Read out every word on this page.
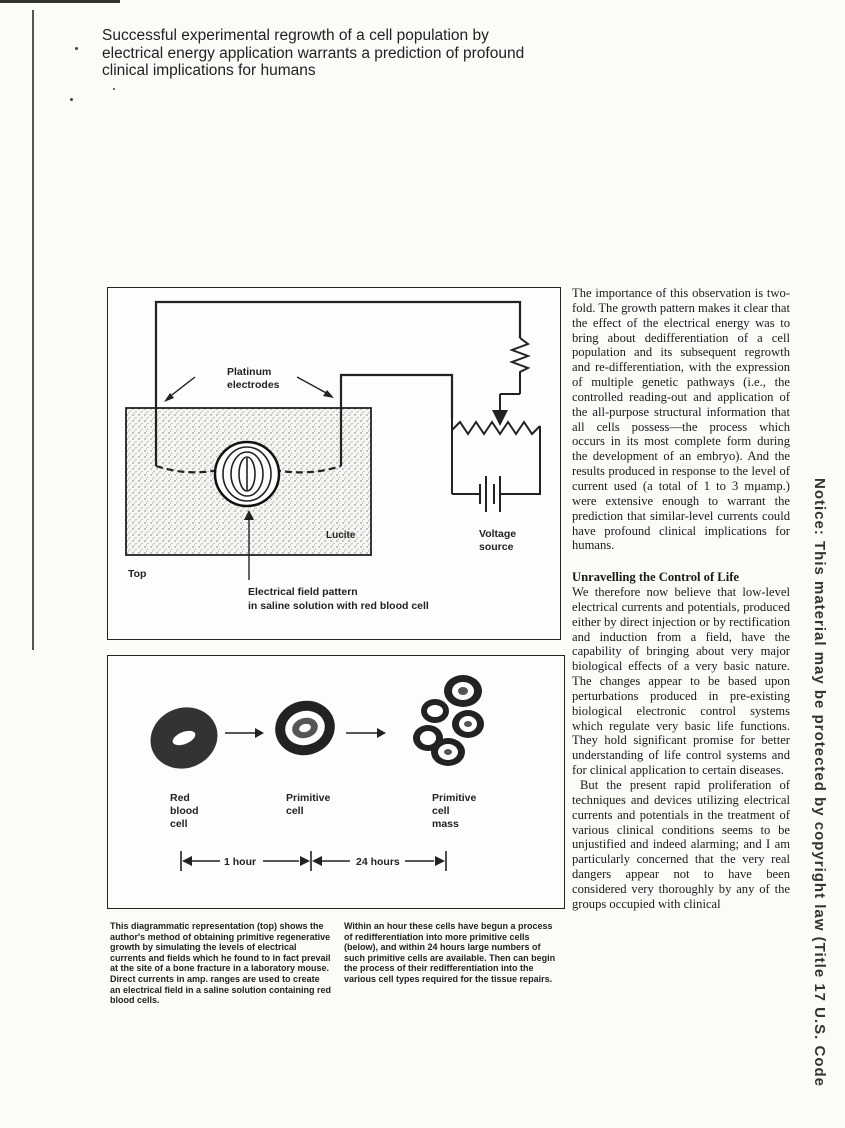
Successful experimental regrowth of a cell population by electrical energy application warrants a prediction of profound clinical implications for humans
Platinum
electrodes
Lucite	Voltage
source
Top
Electrical field pattern
in saline solution with red blood cell
Red
blood
cell
Primitive
cell
Primitive
cell
mass
1 hour	24 hours
This diagrammatic representation (top) shows the author's method of obtaining primitive regenerative growth by simulating the levels of electrical currents and fields which he found to in fact prevail at the site of a bone fracture in a laboratory mouse. Direct currents in amp. ranges are used to create an electrical field in a saline solution containing red blood cells.
Within an hour these cells have begun a process of redifferentiation into more primitive cells (below), and within 24 hours large numbers of such primitive cells are available. Then can begin the process of their redifferentiation into the various cell types required for the tissue repairs.

The importance of this observation is two-fold. The growth pattern makes it clear that the effect of the electrical energy was to bring about dedifferentiation of a cell population and its subsequent regrowth and re-differentiation, with the expression of multiple genetic pathways (i.e., the controlled reading-out and application of the all-purpose structural information that all cells possess—the process which occurs in its most complete form during the development of an embryo). And the results produced in response to the level of current used (a total of 1 to 3 mμamp.) were extensive enough to warrant the prediction that similar-level currents could have profound clinical implications for humans.

Unravelling the Control of Life

We therefore now believe that low-level electrical currents and potentials, produced either by direct injection or by rectification and induction from a field, have the capability of bringing about very major biological effects of a very basic nature. The changes appear to be based upon perturbations produced in pre-existing biological electronic control systems which regulate very basic life functions. They hold significant promise for better understanding of life control systems and for clinical application to certain diseases.

But the present rapid proliferation of techniques and devices utilizing electrical currents and potentials in the treatment of various clinical conditions seems to be unjustified and indeed alarming; and I am particularly concerned that the very real dangers appear not to have been considered very thoroughly by any of the groups occupied with clinical	Notice: This material may be protected by copyright law (Title 17 U.S. Code
